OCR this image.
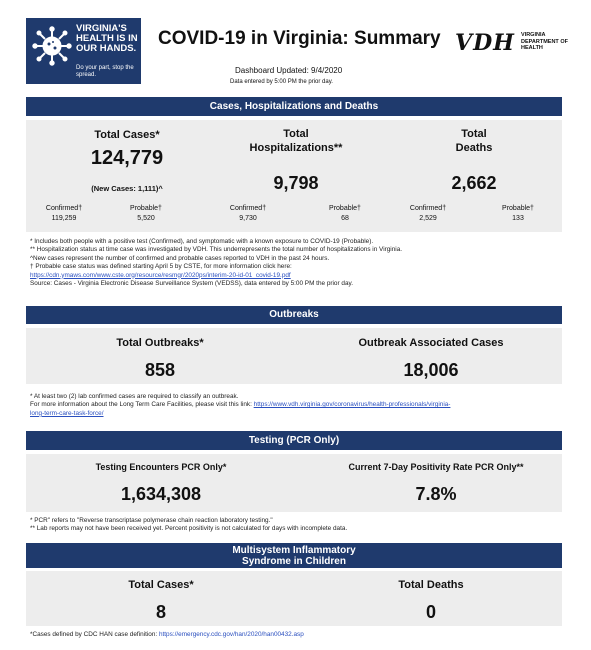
VIRGINIA'S HEALTH IS IN OUR HANDS.
Do your part, stop the spread.
COVID-19 in Virginia: Summary VDH VIRGINIA DEPARTMENT OF HEALTH
Dashboard Updated: 9/4/2020
Data entered by 5:00 PM the prior day.
Cases, Hospitalizations and Deaths
Total Cases*
124,779
(New Cases: 1,111)^
Confirmed†
119,259
Probable†
5,520
Total
Hospitalizations**
9,798
Confirmed†
9,730
Probable†
68
Total
Deaths
2,662
Confirmed†
2,529
Probable†
133
* Includes both people with a positive test (Confirmed), and symptomatic with a known exposure to COVID-19 (Probable).
** Hospitalization status at time case was investigated by VDH. This underrepresents the total number of hospitalizations in Virginia.
^New cases represent the number of confirmed and probable cases reported to VDH in the past 24 hours.
† Probable case status was defined starting April 5 by CSTE, for more information click here:
https://cdn.ymaws.com/www.cste.org/resource/resmgr/2020ps/interim-20-id-01_covid-19.pdf
Source: Cases - Virginia Electronic Disease Surveillance System (VEDSS), data entered by 5:00 PM the prior day.
Outbreaks
Total Outbreaks*
858
Outbreak Associated Cases
18,006
* At least two (2) lab confirmed cases are required to classify an outbreak.
For more information about the Long Term Care Facilities, please visit this link: https://www.vdh.virginia.gov/coronavirus/health-professionals/virginia-
long-term-care-task-force/
Testing (PCR Only)
Testing Encounters PCR Only*
1,634,308
Current 7-Day Positivity Rate PCR Only**
7.8%
* PCR" refers to "Reverse transcriptase polymerase chain reaction laboratory testing."
** Lab reports may not have been received yet. Percent positivity is not calculated for days with incomplete data.
Multisystem Inflammatory
Syndrome in Children
Total Cases*
8
Total Deaths
0
*Cases defined by CDC HAN case definition: https://emergency.cdc.gov/han/2020/han00432.asp
